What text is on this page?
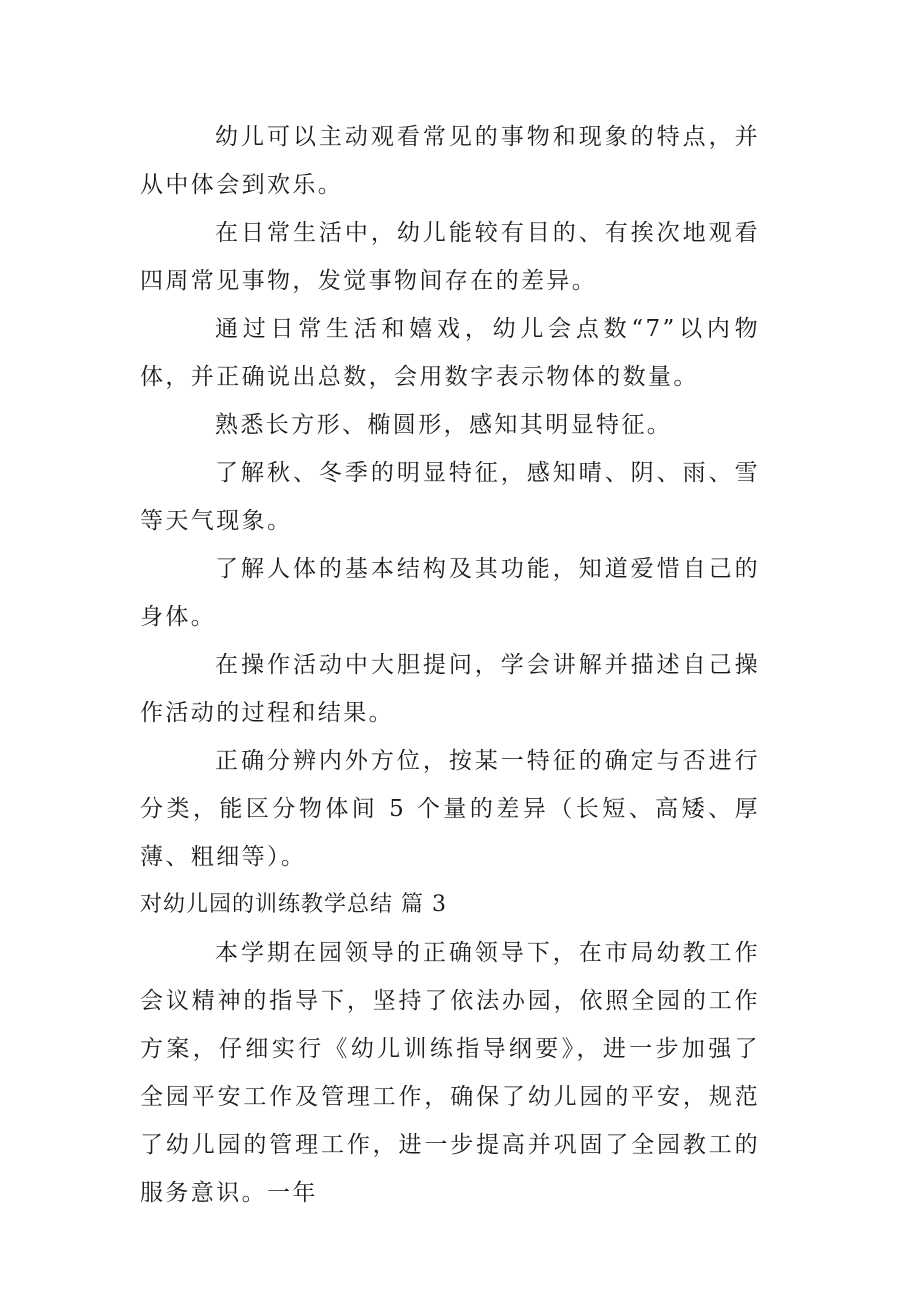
幼儿可以主动观看常见的事物和现象的特点，并从中体会到欢乐。

在日常生活中，幼儿能较有目的、有挨次地观看四周常见事物，发觉事物间存在的差异。

通过日常生活和嬉戏，幼儿会点数“7”以内物体，并正确说出总数，会用数字表示物体的数量。

熟悉长方形、椭圆形，感知其明显特征。

了解秋、冬季的明显特征，感知晴、阴、雨、雪等天气现象。

了解人体的基本结构及其功能，知道爱惜自己的身体。

在操作活动中大胆提问，学会讲解并描述自己操作活动的过程和结果。

正确分辨内外方位，按某一特征的确定与否进行分类，能区分物体间 5 个量的差异（长短、高矮、厚薄、粗细等）。

对幼儿园的训练教学总结 篇 3

本学期在园领导的正确领导下，在市局幼教工作会议精神的指导下，坚持了依法办园，依照全园的工作方案，仔细实行《幼儿训练指导纲要》，进一步加强了全园平安工作及管理工作，确保了幼儿园的平安，规范了幼儿园的管理工作，进一步提高并巩固了全园教工的服务意识。一年
